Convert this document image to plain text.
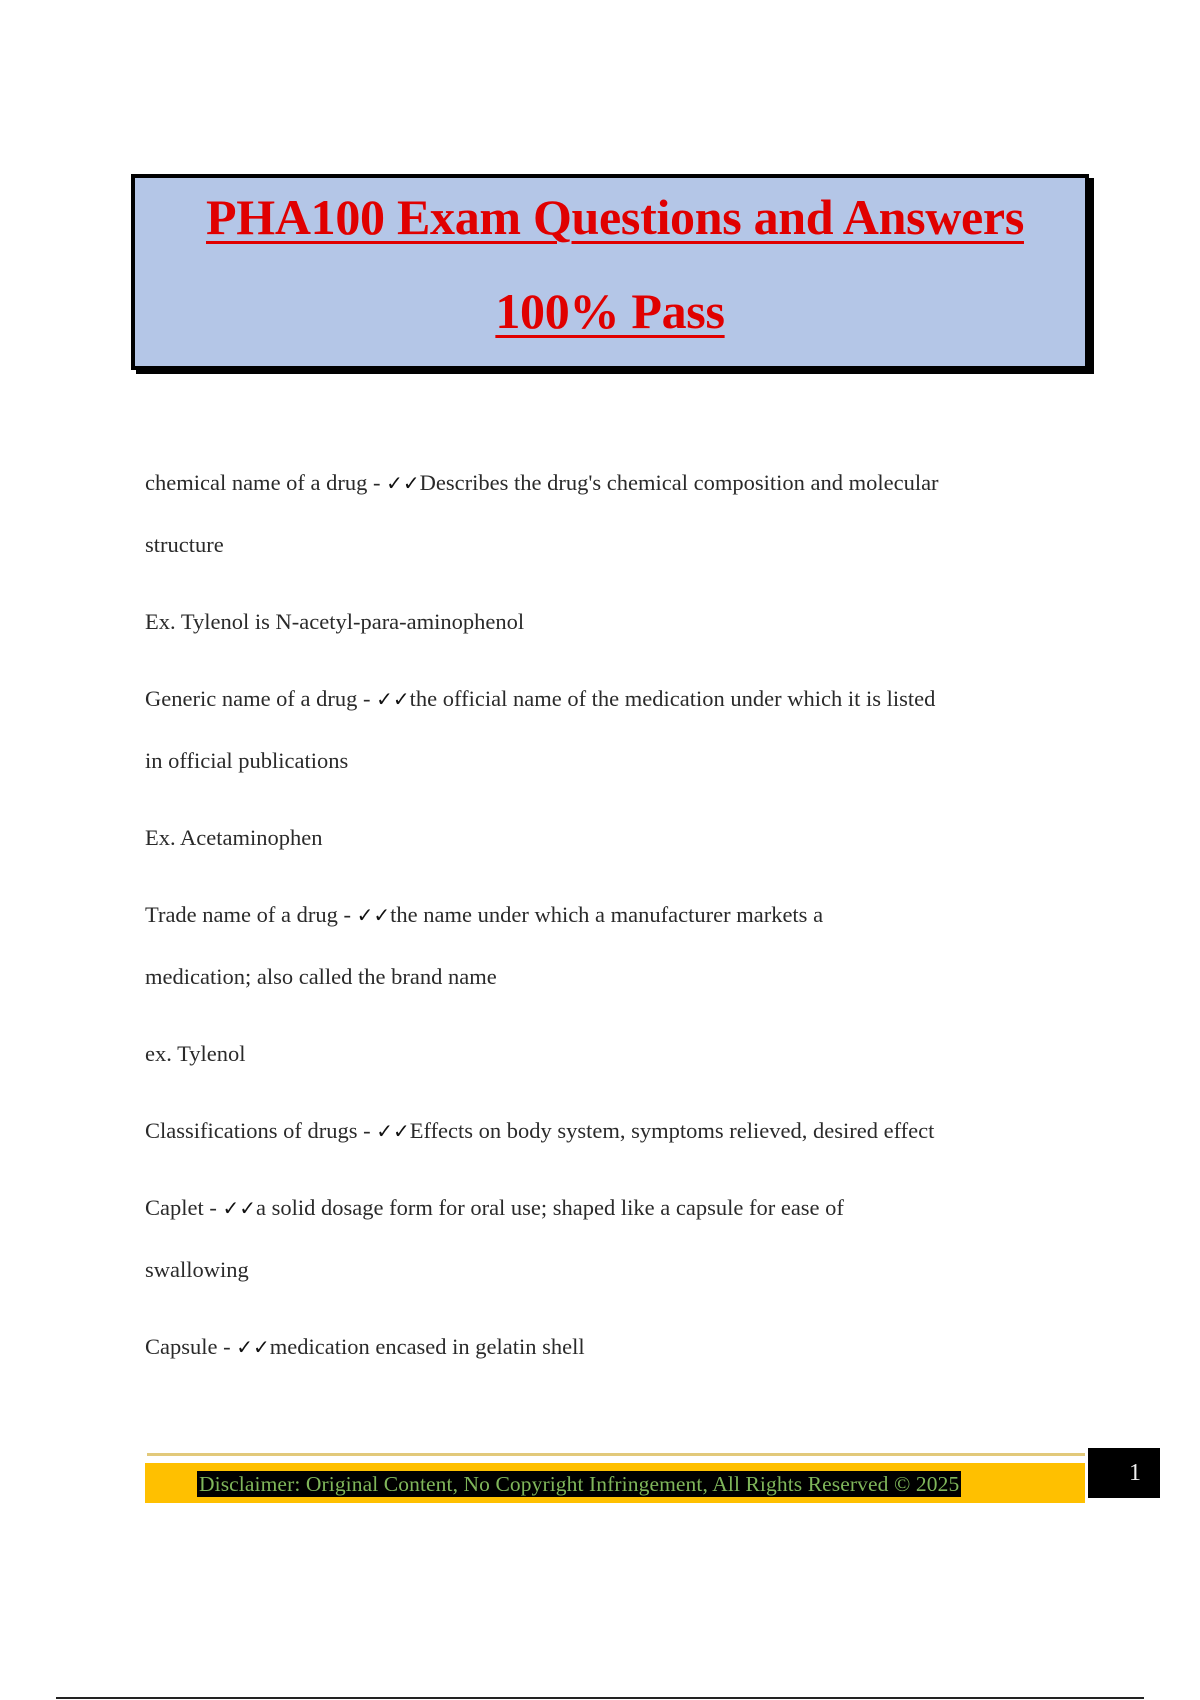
PHA100 Exam Questions and Answers
100% Pass

chemical name of a drug - ✓✓Describes the drug's chemical composition and molecular

structure

Ex. Tylenol is N-acetyl-para-aminophenol

Generic name of a drug - ✓✓the official name of the medication under which it is listed

in official publications

Ex. Acetaminophen

Trade name of a drug - ✓✓the name under which a manufacturer markets a

medication; also called the brand name

ex. Tylenol

Classifications of drugs - ✓✓Effects on body system, symptoms relieved, desired effect

Caplet - ✓✓a solid dosage form for oral use; shaped like a capsule for ease of

swallowing

Capsule - ✓✓medication encased in gelatin shell

Disclaimer: Original Content, No Copyright Infringement, All Rights Reserved © 2025	1
